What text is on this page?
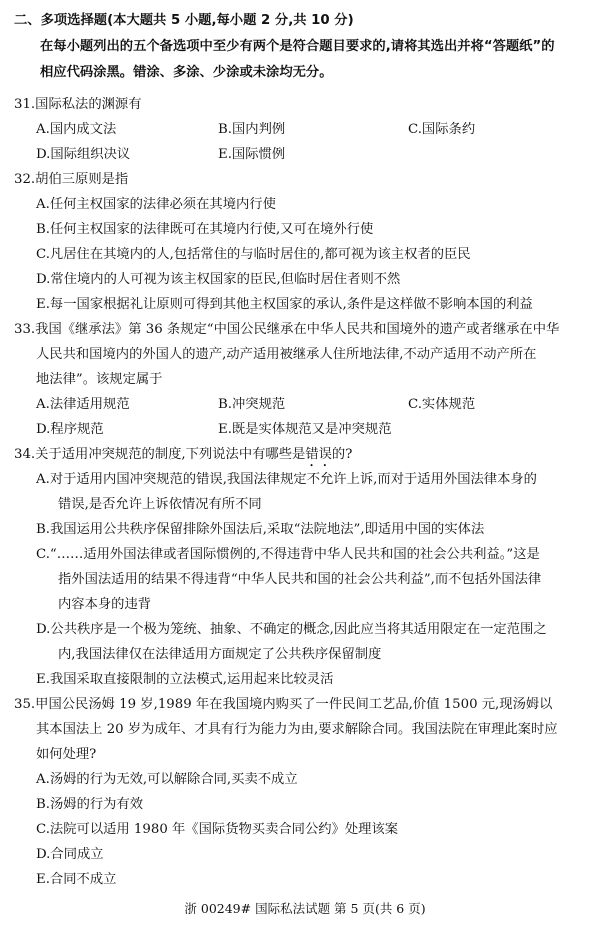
二、多项选择题(本大题共 5 小题,每小题 2 分,共 10 分)
在每小题列出的五个备选项中至少有两个是符合题目要求的,请将其选出并将“答题纸”的
相应代码涂黑。错涂、多涂、少涂或未涂均无分。
31.国际私法的渊源有
A.国内成文法	B.国内判例	C.国际条约
D.国际组织决议	E.国际惯例
32.胡伯三原则是指
A.任何主权国家的法律必须在其境内行使
B.任何主权国家的法律既可在其境内行使,又可在境外行使
C.凡居住在其境内的人,包括常住的与临时居住的,都可视为该主权者的臣民
D.常住境内的人可视为该主权国家的臣民,但临时居住者则不然
E.每一国家根据礼让原则可得到其他主权国家的承认,条件是这样做不影响本国的利益
33.我国《继承法》第 36 条规定“中国公民继承在中华人民共和国境外的遗产或者继承在中华
人民共和国境内的外国人的遗产,动产适用被继承人住所地法律,不动产适用不动产所在
地法律”。该规定属于
A.法律适用规范	B.冲突规范	C.实体规范
D.程序规范	E.既是实体规范又是冲突规范
34.关于适用冲突规范的制度,下列说法中有哪些是错误的?
A.对于适用内国冲突规范的错误,我国法律规定不允许上诉,而对于适用外国法律本身的
错误,是否允许上诉依情况有所不同
B.我国运用公共秩序保留排除外国法后,采取“法院地法”,即适用中国的实体法
C.“……适用外国法律或者国际惯例的,不得违背中华人民共和国的社会公共利益。”这是
指外国法适用的结果不得违背“中华人民共和国的社会公共利益”,而不包括外国法律
内容本身的违背
D.公共秩序是一个极为笼统、抽象、不确定的概念,因此应当将其适用限定在一定范围之
内,我国法律仅在法律适用方面规定了公共秩序保留制度
E.我国采取直接限制的立法模式,运用起来比较灵活
35.甲国公民汤姆 19 岁,1989 年在我国境内购买了一件民间工艺品,价值 1500 元,现汤姆以
其本国法上 20 岁为成年、才具有行为能力为由,要求解除合同。我国法院在审理此案时应
如何处理?
A.汤姆的行为无效,可以解除合同,买卖不成立
B.汤姆的行为有效
C.法院可以适用 1980 年《国际货物买卖合同公约》处理该案
D.合同成立
E.合同不成立
浙 00249# 国际私法试题 第 5 页(共 6 页)
